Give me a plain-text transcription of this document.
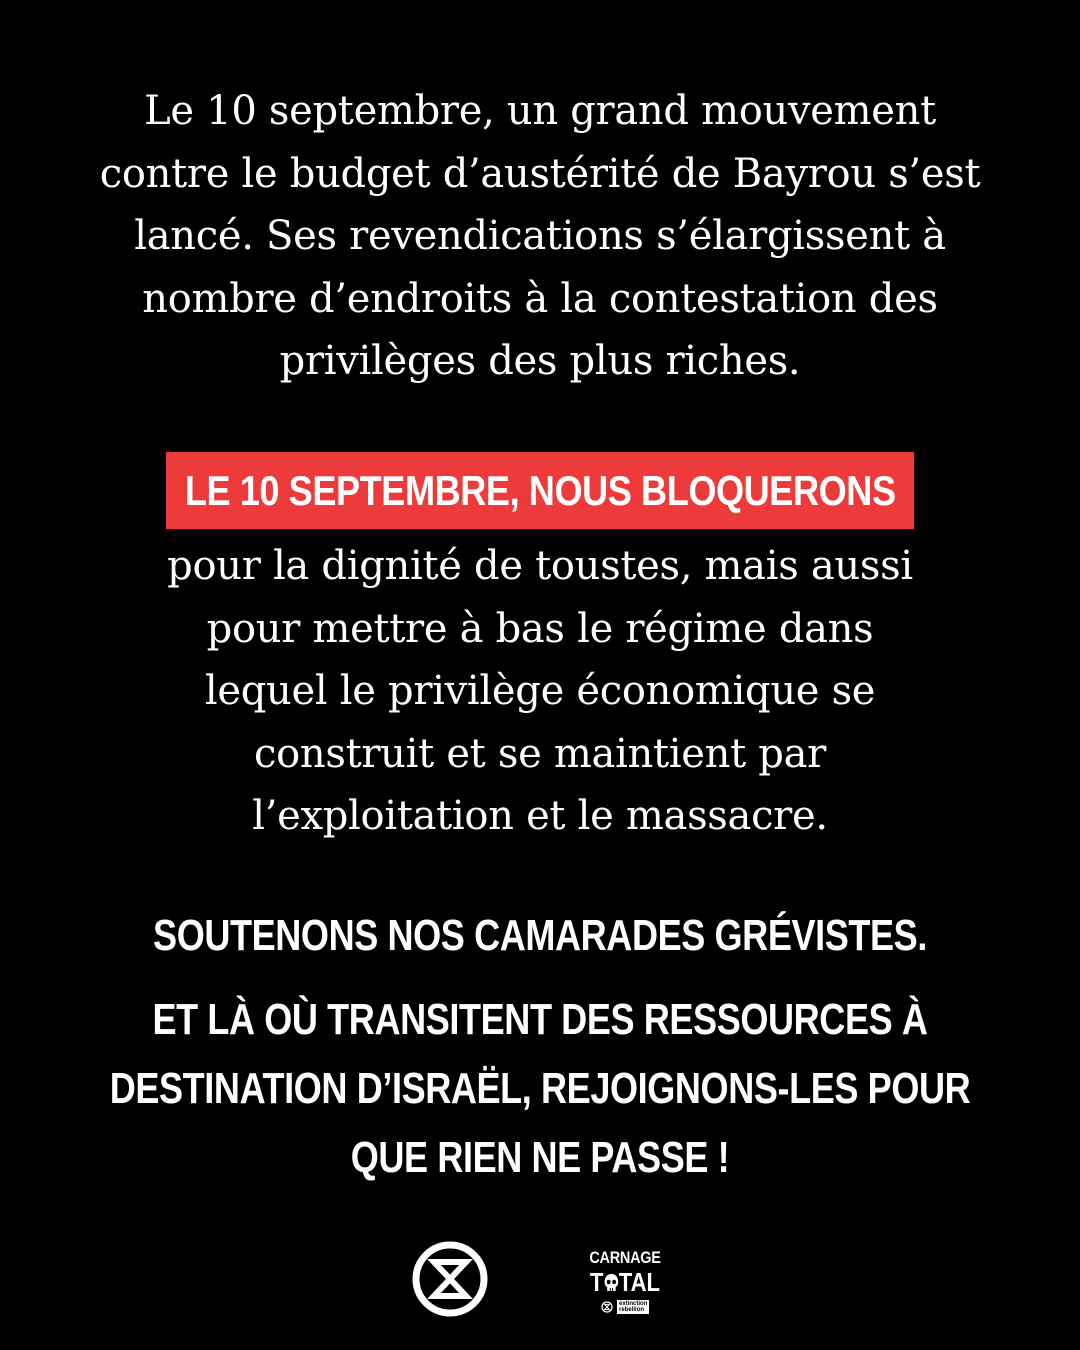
Le 10 septembre, un grand mouvement
contre le budget d’austérité de Bayrou s’est
lancé. Ses revendications s’élargissent à
nombre d’endroits à la contestation des
privilèges des plus riches.
LE 10 SEPTEMBRE, NOUS BLOQUERONS
pour la dignité de toustes, mais aussi
pour mettre à bas le régime dans
lequel le privilège économique se
construit et se maintient par
l’exploitation et le massacre.
SOUTENONS NOS CAMARADES GRÉVISTES.
ET LÀ OÙ TRANSITENT DES RESSOURCES À
DESTINATION D’ISRAËL, REJOIGNONS-LES POUR
QUE RIEN NE PASSE !
CARNAGE
T TAL
extinction
rebellion
